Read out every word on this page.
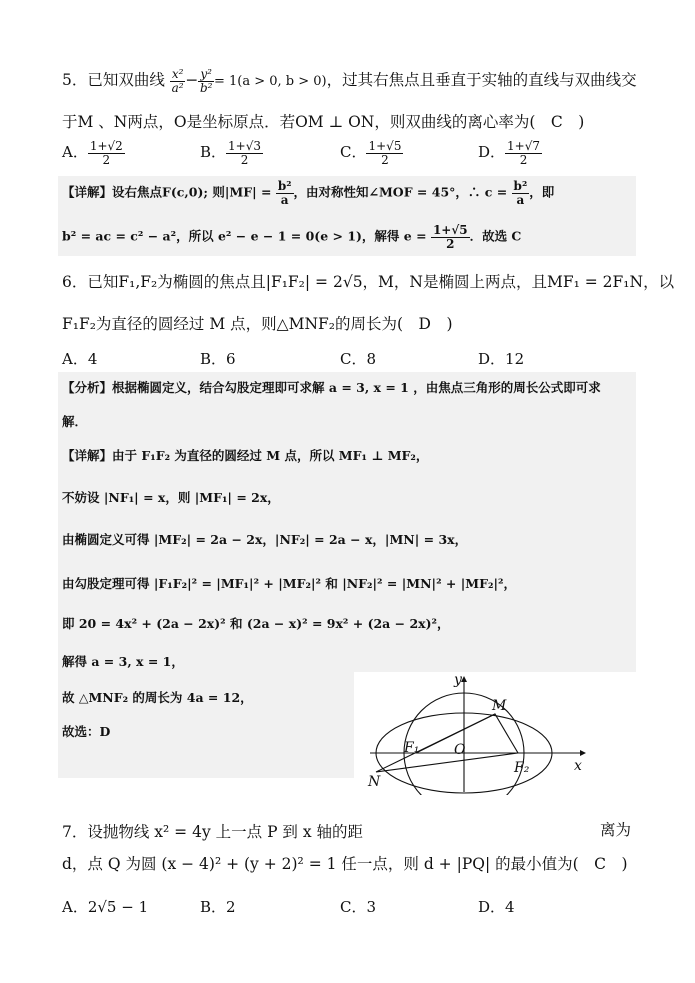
5．已知双曲线 $\frac{\text{x²}}{\text{a²}} - \frac{\text{y²}}{\text{b²}} = 1(a > 0$, b > 0)，过其右焦点且垂直于实轴的直线与双曲线交
于M 、N两点，O是坐标原点．若OM ⊥ ON，则双曲线的离心率为(　C　)
A． $\frac{1+√2}{2}$	B． $\frac{1+√3}{2}$	C． $\frac{1+√5}{2}$	D． $\frac{1+√7}{2}$
【详解】设右焦点F(c,0); 则$|MF| = \frac{\text{b²}}{a}$ ，由对称性知∠MOF = 45°，∴ $c = \frac{\text{b²}}{a}$ ，即
b² = ac = c² − a²，所以 e² − e − 1 = 0(e > 1)，解得 $e = \frac{1+√5}{2}$ ．故选 C
6．已知F₁,F₂为椭圆的焦点且|F₁F₂| = 2√5，M，N是椭圆上两点，且MF₁ = 2F₁N，以
F₁F₂为直径的圆经过 M 点，则△MNF₂的周长为(　D　)
A．4	B．6	C．8	D．12
【分析】根据椭圆定义，结合勾股定理即可求解 a = 3, x = 1 ，由焦点三角形的周长公式即可求
解．
【详解】由于 F₁F₂ 为直径的圆经过 M 点，所以 MF₁ ⊥ MF₂，
不妨设 |NF₁| = x，则 |MF₁| = 2x，
由椭圆定义可得 |MF₂| = 2a − 2x，|NF₂| = 2a − x，|MN| = 3x，
由勾股定理可得 |F₁F₂|² = |MF₁|² + |MF₂|² 和 |NF₂|² = |MN|² + |MF₂|²，
即 20 = 4x² + (2a − 2x)² 和 (2a − x)² = 9x² + (2a − 2x)²，
解得 a = 3, x = 1，
故 △MNF₂ 的周长为 4a = 12，
故选：D
y
x
M
F₁ O
F₂
N
7．设抛物线 x² = 4y 上一点 P 到 x 轴的距	离为
d，点 Q 为圆 (x − 4)² + (y + 2)² = 1 任一点，则 d + |PQ| 的最小值为(　C　)
A．2√5 − 1	B．2	C．3	D．4
